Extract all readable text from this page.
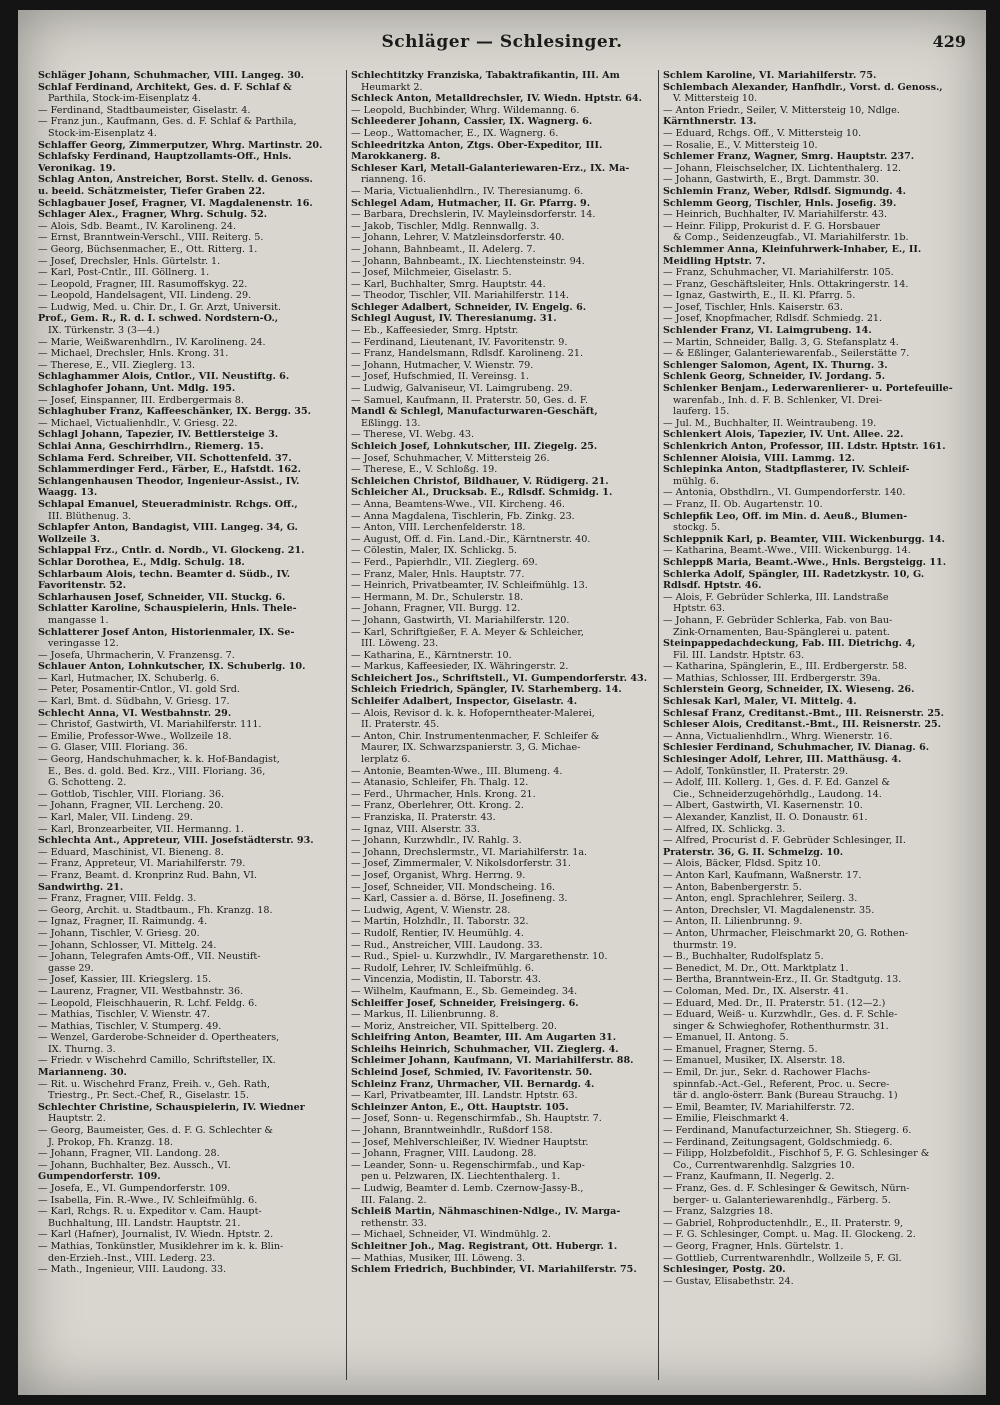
Schläger — Schlesinger.	429
Schläger Johann, Schuhmacher, VIII. Langeg. 30.
Schlaf Ferdinand, Architekt, Ges. d. F. Schlaf &
Parthila, Stock-im-Eisenplatz 4.
— Ferdinand, Stadtbaumeister, Giselastr. 4.
— Franz jun., Kaufmann, Ges. d. F. Schlaf & Parthila,
Stock-im-Eisenplatz 4.
Schlaffer Georg, Zimmerputzer, Whrg. Martinstr. 20.
Schlafsky Ferdinand, Hauptzollamts-Off., Hnls.
Veronikag. 19.
Schlag Anton, Anstreicher, Borst. Stellv. d. Genoss.
u. beeid. Schätzmeister, Tiefer Graben 22.
Schlagbauer Josef, Fragner, VI. Magdalenenstr. 16.
Schlager Alex., Fragner, Whrg. Schulg. 52.
— Alois, Sdb. Beamt., IV. Karolineng. 24.
— Ernst, Branntwein-Verschl., VIII. Reiterg. 5.
— Georg, Büchsenmacher, E., Ott. Ritterg. 1.
— Josef, Drechsler, Hnls. Gürtelstr. 1.
— Karl, Post-Cntlr., III. Göllnerg. 1.
— Leopold, Fragner, III. Rasumoffskyg. 22.
— Leopold, Handelsagent, VII. Lindeng. 29.
— Ludwig, Med. u. Chir. Dr., I. Gr. Arzt, Universit.
Prof., Gem. R., R. d. I. schwed. Nordstern-O.,
IX. Türkenstr. 3 (3—4.)
— Marie, Weißwarenhdlrn., IV. Karolineng. 24.
— Michael, Drechsler, Hnls. Krong. 31.
— Therese, E., VII. Zieglerg. 13.
Schlaghammer Alois, Cntlor., VII. Neustiftg. 6.
Schlaghofer Johann, Unt. Mdlg. 195.
— Josef, Einspanner, III. Erdbergermais 8.
Schlaghuber Franz, Kaffeeschänker, IX. Bergg. 35.
— Michael, Victualienhdlr., V. Griesg. 22.
Schlagl Johann, Tapezier, IV. Bettlersteige 3.
Schlai Anna, Geschirrhdlrn., Riemerg. 15.
Schlama Ferd. Schreiber, VII. Schottenfeld. 37.
Schlammerdinger Ferd., Färber, E., Hafstdt. 162.
Schlangenhausen Theodor, Ingenieur-Assist., IV.
Waagg. 13.
Schlapal Emanuel, Steueradministr. Rchgs. Off.,
III. Blüthenug. 3.
Schlapfer Anton, Bandagist, VIII. Langeg. 34, G.
Wollzeile 3.
Schlappal Frz., Cntlr. d. Nordb., VI. Glockeng. 21.
Schlar Dorothea, E., Mdlg. Schulg. 18.
Schlarbaum Alois, techn. Beamter d. Südb., IV.
Favoritenstr. 52.
Schlarhausen Josef, Schneider, VII. Stuckg. 6.
Schlatter Karoline, Schauspielerin, Hnls. Thele-
mangasse 1.
Schlatterer Josef Anton, Historienmaler, IX. Se-
veringasse 12.
— Josefa, Uhrmacherin, V. Franzensg. 7.
Schlauer Anton, Lohnkutscher, IX. Schuberlg. 10.
— Karl, Hutmacher, IX. Schuberlg. 6.
— Peter, Posamentir-Cntlor., VI. gold Srd.
— Karl, Bmt. d. Südbahn, V. Griesg. 17.
Schlecht Anna, VI. Westbahnstr. 29.
— Christof, Gastwirth, VI. Mariahilferstr. 111.
— Emilie, Professor-Wwe., Wollzeile 18.
— G. Glaser, VIII. Floriang. 36.
— Georg, Handschuhmacher, k. k. Hof-Bandagist,
E., Bes. d. gold. Bed. Krz., VIII. Floriang. 36,
G. Schotteng. 2.
— Gottlob, Tischler, VIII. Floriang. 36.
— Johann, Fragner, VII. Lercheng. 20.
— Karl, Maler, VII. Lindeng. 29.
— Karl, Bronzearbeiter, VII. Hermanng. 1.
Schlechta Ant., Appreteur, VIII. Josefstädterstr. 93.
— Eduard, Maschinist, VI. Bieneng. 8.
— Franz, Appreteur, VI. Mariahilferstr. 79.
— Franz, Beamt. d. Kronprinz Rud. Bahn, VI.
Sandwirthg. 21.
— Franz, Fragner, VIII. Feldg. 3.
— Georg, Archit. u. Stadtbaum., Fh. Kranzg. 18.
— Ignaz, Fragner, II. Raimundg. 4.
— Johann, Tischler, V. Griesg. 20.
— Johann, Schlosser, VI. Mittelg. 24.
— Johann, Telegrafen Amts-Off., VII. Neustift-
gasse 29.
— Josef, Kassier, III. Kriegslerg. 15.
— Laurenz, Fragner, VII. Westbahnstr. 36.
— Leopold, Fleischhauerin, R. Lchf. Feldg. 6.
— Mathias, Tischler, V. Wienstr. 47.
— Mathias, Tischler, V. Stumperg. 49.
— Wenzel, Garderobe-Schneider d. Opertheaters,
IX. Thurng. 3.
— Friedr. v Wischehrd Camillo, Schriftsteller, IX.
Marianneng. 30.
— Rit. u. Wischehrd Franz, Freih. v., Geh. Rath,
Triestrg., Pr. Sect.-Chef, R., Giselastr. 15.
Schlechter Christine, Schauspielerin, IV. Wiedner
Hauptstr. 2.
— Georg, Baumeister, Ges. d. F. G. Schlechter &
J. Prokop, Fh. Kranzg. 18.
— Johann, Fragner, VII. Landong. 28.
— Johann, Buchhalter, Bez. Aussch., VI.
Gumpendorferstr. 109.
— Josefa, E., VI. Gumpendorferstr. 109.
— Isabella, Fin. R.-Wwe., IV. Schleifmühlg. 6.
— Karl, Rchgs. R. u. Expeditor v. Cam. Haupt-
Buchhaltung, III. Landstr. Hauptstr. 21.
— Karl (Hafner), Journalist, IV. Wiedn. Hptstr. 2.
— Mathias, Tonkünstler, Musiklehrer im k. k. Blin-
den-Erzieh.-Inst., VIII. Lederg. 23.
— Math., Ingenieur, VIII. Laudong. 33.
Schlechtitzky Franziska, Tabaktrafikantin, III. Am
Heumarkt 2.
Schleck Anton, Metalldrechsler, IV. Wiedn. Hptstr. 64.
— Leopold, Buchbinder, Whrg. Wildemanng. 6.
Schleederer Johann, Cassier, IX. Wagnerg. 6.
— Leop., Wattomacher, E., IX. Wagnerg. 6.
Schleedritzka Anton, Ztgs. Ober-Expeditor, III.
Marokkanerg. 8.
Schleser Karl, Metall-Galanteriewaren-Erz., IX. Ma-
rianneng. 16.
— Maria, Victualienhdlrn., IV. Theresianumg. 6.
Schlegel Adam, Hutmacher, II. Gr. Pfarrg. 9.
— Barbara, Drechslerin, IV. Mayleinsdorferstr. 14.
— Jakob, Tischler, Mdlg. Rennwallg. 3.
— Johann, Lehrer, V. Matzleinsdorferstr. 40.
— Johann, Bahnbeamt., II. Adelerg. 7.
— Johann, Bahnbeamt., IX. Liechtensteinstr. 94.
— Josef, Milchmeier, Giselastr. 5.
— Karl, Buchhalter, Smrg. Hauptstr. 44.
— Theodor, Tischler, VII. Mariahilferstr. 114.
Schleger Adalbert, Schneider, IV. Engelg. 6.
Schlegl August, IV. Theresianumg. 31.
— Eb., Kaffeesieder, Smrg. Hptstr.
— Ferdinand, Lieutenant, IV. Favoritenstr. 9.
— Franz, Handelsmann, Rdlsdf. Karolineng. 21.
— Johann, Hutmacher, V. Wienstr. 79.
— Josef, Hufschmied, II. Vereinsg. 1.
— Ludwig, Galvaniseur, VI. Laimgrubeng. 29.
— Samuel, Kaufmann, II. Praterstr. 50, Ges. d. F.
Mandl & Schlegl, Manufacturwaren-Geschäft,
Eßlingg. 13.
— Therese, VI. Webg. 43.
Schleich Josef, Lohnkutscher, III. Ziegelg. 25.
— Josef, Schuhmacher, V. Mittersteig 26.
— Therese, E., V. Schloßg. 19.
Schleichen Christof, Bildhauer, V. Rüdigerg. 21.
Schleicher Al., Drucksab. E., Rdlsdf. Schmidg. 1.
— Anna, Beamtens-Wwe., VII. Kircheng. 46.
— Anna Magdalena, Tischlerin, Fb. Zinkg. 23.
— Anton, VIII. Lerchenfelderstr. 18.
— August, Off. d. Fin. Land.-Dir., Kärntnerstr. 40.
— Cölestin, Maler, IX. Schlickg. 5.
— Ferd., Papierhdlr., VII. Zieglerg. 69.
— Franz, Maler, Hnls. Hauptstr. 77.
— Heinrich, Privatbeamter, IV. Schleifmühlg. 13.
— Hermann, M. Dr., Schulerstr. 18.
— Johann, Fragner, VII. Burgg. 12.
— Johann, Gastwirth, VI. Mariahilferstr. 120.
— Karl, Schriftgießer, F. A. Meyer & Schleicher,
III. Löweng. 23.
— Katharina, E., Kärntnerstr. 10.
— Markus, Kaffeesieder, IX. Währingerstr. 2.
Schleichert Jos., Schriftstell., VI. Gumpendorferstr. 43.
Schleich Friedrich, Spängler, IV. Starhemberg. 14.
Schleifer Adalbert, Inspector, Giselastr. 4.
— Alois, Revisor d. k. k. Hofoperntheater-Malerei,
II. Praterstr. 45.
— Anton, Chir. Instrumentenmacher, F. Schleifer &
Maurer, IX. Schwarzspanierstr. 3, G. Michae-
lerplatz 6.
— Antonie, Beamten-Wwe., III. Blumeng. 4.
— Atanasio, Schleifer, Fh. Thalg. 12.
— Ferd., Uhrmacher, Hnls. Krong. 21.
— Franz, Oberlehrer, Ott. Krong. 2.
— Franziska, II. Praterstr. 43.
— Ignaz, VIII. Alserstr. 33.
— Johann, Kurzwhdlr., IV. Rahlg. 3.
— Johann, Drechslermstr., VI. Mariahilferstr. 1a.
— Josef, Zimmermaler, V. Nikolsdorferstr. 31.
— Josef, Organist, Whrg. Herrng. 9.
— Josef, Schneider, VII. Mondscheing. 16.
— Karl, Cassier a. d. Börse, II. Josefineng. 3.
— Ludwig, Agent, V. Wienstr. 28.
— Martin, Holzhdlr., II. Taborstr. 32.
— Rudolf, Rentier, IV. Heumühlg. 4.
— Rud., Anstreicher, VIII. Laudong. 33.
— Rud., Spiel- u. Kurzwhdlr., IV. Margarethenstr. 10.
— Rudolf, Lehrer, IV. Schleifmühlg. 6.
— Vincenzia, Modistin, II. Taborstr. 43.
— Wilhelm, Kaufmann, E., Sb. Gemeindeg. 34.
Schleiffer Josef, Schneider, Freisingerg. 6.
— Markus, II. Lilienbrunng. 8.
— Moriz, Anstreicher, VII. Spittelberg. 20.
Schleifring Anton, Beamter, III. Am Augarten 31.
Schleihs Heinrich, Schuhmacher, VII. Zieglerg. 4.
Schleimer Johann, Kaufmann, VI. Mariahilferstr. 88.
Schleind Josef, Schmied, IV. Favoritenstr. 50.
Schleinz Franz, Uhrmacher, VII. Bernardg. 4.
— Karl, Privatbeamter, III. Landstr. Hptstr. 63.
Schleinzer Anton, E., Ott. Hauptstr. 105.
— Josef, Sonn- u. Regenschirmfab., Sh. Hauptstr. 7.
— Johann, Branntweinhdlr., Rußdorf 158.
— Josef, Mehlverschleißer, IV. Wiedner Hauptstr.
— Johann, Fragner, VIII. Laudong. 28.
— Leander, Sonn- u. Regenschirmfab., und Kap-
pen u. Pelzwaren, IX. Liechtenthalerg. 1.
— Ludwig, Beamter d. Lemb. Czernow-Jassy-B.,
III. Falang. 2.
Schleiß Martin, Nähmaschinen-Ndlge., IV. Marga-
rethenstr. 33.
— Michael, Schneider, VI. Windmühlg. 2.
Schleitner Joh., Mag. Registrant, Ott. Hubergr. 1.
— Mathias, Musiker, III. Löweng. 3.
Schlem Friedrich, Buchbinder, VI. Mariahilferstr. 75.
Schlem Karoline, VI. Mariahilferstr. 75.
Schlembach Alexander, Hanfhdlr., Vorst. d. Genoss.,
V. Mittersteig 10.
— Anton Friedr., Seiler, V. Mittersteig 10, Ndlge.
Kärnthnerstr. 13.
— Eduard, Rchgs. Off., V. Mittersteig 10.
— Rosalie, E., V. Mittersteig 10.
Schlemer Franz, Wagner, Smrg. Hauptstr. 237.
— Johann, Fleischselcher, IX. Lichtenthalerg. 12.
— Johann, Gastwirth, E., Brgt. Dammstr. 30.
Schlemin Franz, Weber, Rdlsdf. Sigmundg. 4.
Schlemm Georg, Tischler, Hnls. Josefig. 39.
— Heinrich, Buchhalter, IV. Mariahilferstr. 43.
— Heinr. Filipp, Prokurist d. F. G. Horsbauer
& Comp., Seidenzeugfab., VI. Mariahilferstr. 1b.
Schlemmer Anna, Kleinfuhrwerk-Inhaber, E., II.
Meidling Hptstr. 7.
— Franz, Schuhmacher, VI. Mariahilferstr. 105.
— Franz, Geschäftsleiter, Hnls. Ottakringerstr. 14.
— Ignaz, Gastwirth, E., II. Kl. Pfarrg. 5.
— Josef, Tischler, Hnls. Kaiserstr. 63.
— Josef, Knopfmacher, Rdlsdf. Schmiedg. 21.
Schlender Franz, VI. Laimgrubeng. 14.
— Martin, Schneider, Ballg. 3, G. Stefansplatz 4.
— & Eßlinger, Galanteriewarenfab., Seilerstätte 7.
Schlenger Salomon, Agent, IX. Thurng. 3.
Schlenk Georg, Schneider, IV. Jordang. 5.
Schlenker Benjam., Lederwarenlierer- u. Portefeuille-
warenfab., Inh. d. F. B. Schlenker, VI. Drei-
lauferg. 15.
— Jul. M., Buchhalter, II. Weintraubeng. 19.
Schlenkert Alois, Tapezier, IV. Unt. Allee. 22.
Schlenkrich Anton, Professor, III. Ldstr. Hptstr. 161.
Schlenner Aloisia, VIII. Lammg. 12.
Schlepinka Anton, Stadtpflasterer, IV. Schleif-
mühlg. 6.
— Antonia, Obsthdlrn., VI. Gumpendorferstr. 140.
— Franz, II. Ob. Augartenstr. 10.
Schlepfik Leo, Off. im Min. d. Aeuß., Blumen-
stockg. 5.
Schleppnik Karl, p. Beamter, VIII. Wickenburgg. 14.
— Katharina, Beamt.-Wwe., VIII. Wickenburgg. 14.
Schleppß Maria, Beamt.-Wwe., Hnls. Bergsteigg. 11.
Schlerka Adolf, Spängler, III. Radetzkystr. 10, G.
Rdlsdf. Hptstr. 46.
— Alois, F. Gebrüder Schlerka, III. Landstraße
Hptstr. 63.
— Johann, F. Gebrüder Schlerka, Fab. von Bau-
Zink-Ornamenten, Bau-Spänglerei u. patent.
Steinpappedachdeckung, Fab. III. Dietrichg. 4,
Fil. III. Landstr. Hptstr. 63.
— Katharina, Spänglerin, E., III. Erdbergerstr. 58.
— Mathias, Schlosser, III. Erdbergerstr. 39a.
Schlerstein Georg, Schneider, IX. Wieseng. 26.
Schlesak Karl, Maler, VI. Mittelg. 4.
Schlesaf Franz, Creditanst.-Bmt., III. Reisnerstr. 25.
Schleser Alois, Creditanst.-Bmt., III. Reisnerstr. 25.
— Anna, Victualienhdlrn., Whrg. Wienerstr. 16.
Schlesier Ferdinand, Schuhmacher, IV. Dianag. 6.
Schlesinger Adolf, Lehrer, III. Matthäusg. 4.
— Adolf, Tonkünstler, II. Praterstr. 29.
— Adolf, III. Kollerg. 1, Ges. d. F. Ed. Ganzel &
Cie., Schneiderzugehörhdlg., Laudong. 14.
— Albert, Gastwirth, VI. Kasernenstr. 10.
— Alexander, Kanzlist, II. O. Donaustr. 61.
— Alfred, IX. Schlickg. 3.
— Alfred, Procurist d. F. Gebrüder Schlesinger, II.
Praterstr. 36, G. II. Schmelzg. 10.
— Alois, Bäcker, Fldsd. Spitz 10.
— Anton Karl, Kaufmann, Waßnerstr. 17.
— Anton, Babenbergerstr. 5.
— Anton, engl. Sprachlehrer, Seilerg. 3.
— Anton, Drechsler, VI. Magdalenenstr. 35.
— Anton, II. Lilienbrunng. 9.
— Anton, Uhrmacher, Fleischmarkt 20, G. Rothen-
thurmstr. 19.
— B., Buchhalter, Rudolfsplatz 5.
— Benedict, M. Dr., Ott. Marktplatz 1.
— Bertha, Branntwein-Erz., II. Gr. Stadtgutg. 13.
— Coloman, Med. Dr., IX. Alserstr. 41.
— Eduard, Med. Dr., II. Praterstr. 51. (12—2.)
— Eduard, Weiß- u. Kurzwhdlr., Ges. d. F. Schle-
singer & Schwieghofer, Rothenthurmstr. 31.
— Emanuel, II. Antong. 5.
— Emanuel, Fragner, Sterng. 5.
— Emanuel, Musiker, IX. Alserstr. 18.
— Emil, Dr. jur., Sekr. d. Rachower Flachs-
spinnfab.-Act.-Gel., Referent, Proc. u. Secre-
tär d. anglo-österr. Bank (Bureau Strauchg. 1)
— Emil, Beamter, IV. Mariahilferstr. 72.
— Emilie, Fleischmarkt 4.
— Ferdinand, Manufacturzeichner, Sh. Stiegerg. 6.
— Ferdinand, Zeitungsagent, Goldschmiedg. 6.
— Filipp, Holzbefoldit., Fischhof 5, F. G. Schlesinger &
Co., Currentwarenhdlg. Salzgries 10.
— Franz, Kaufmann, II. Negerlg. 2.
— Franz, Ges. d. F. Schlesinger & Gewitsch, Nürn-
berger- u. Galanteriewarenhdlg., Färberg. 5.
— Franz, Salzgries 18.
— Gabriel, Rohproductenhdlr., E., II. Praterstr. 9,
— F. G. Schlesinger, Compt. u. Mag. II. Glockeng. 2.
— Georg, Fragner, Hnls. Gürtelstr. 1.
— Gottlieb, Currentwarenhdlr., Wollzeile 5, F. Gl.
Schlesinger, Postg. 20.
— Gustav, Elisabethstr. 24.
